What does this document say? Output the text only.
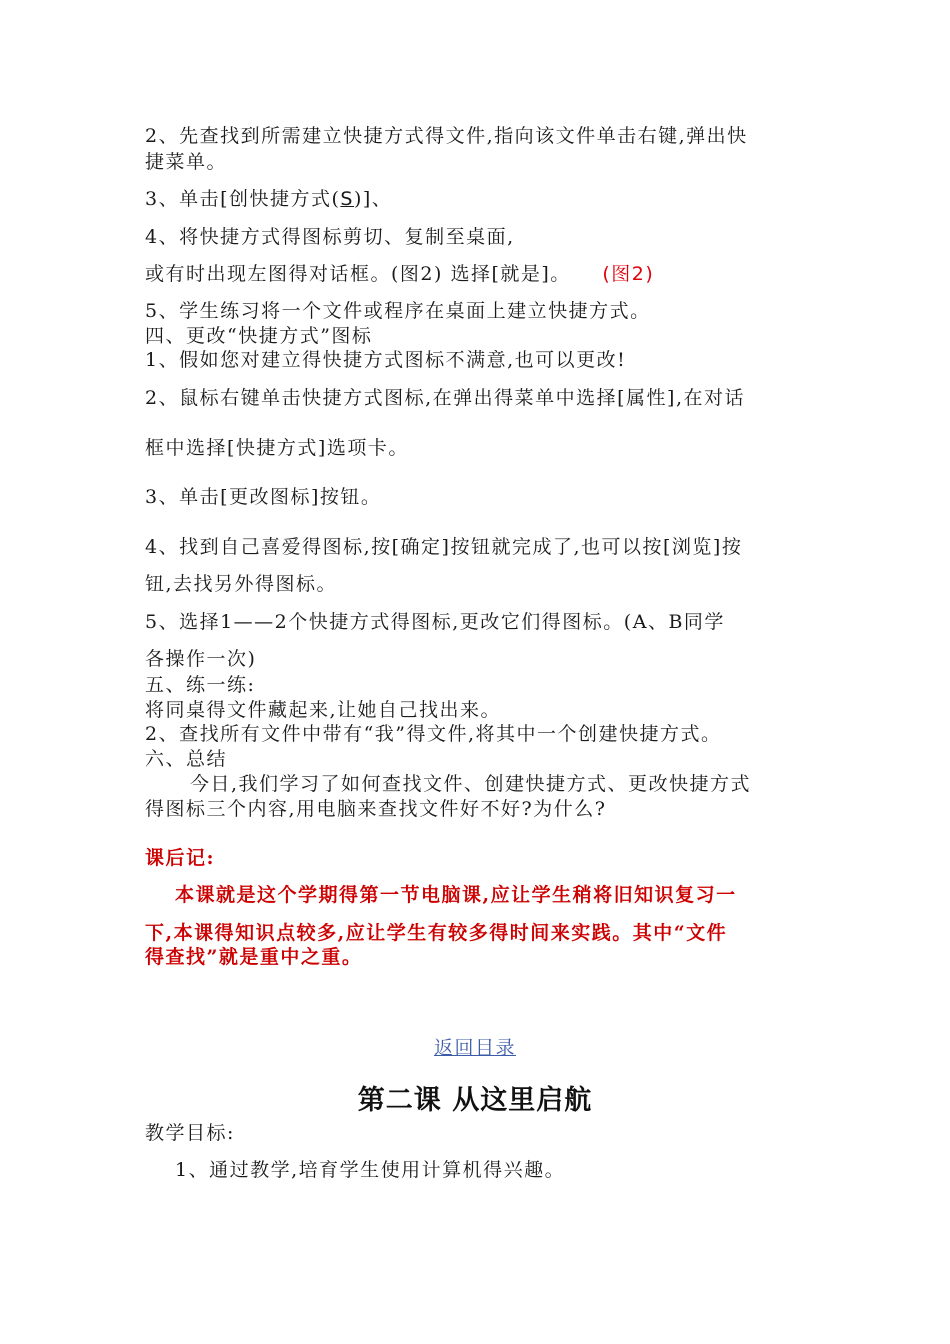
2、先查找到所需建立快捷方式得文件,指向该文件单击右键,弹出快
捷菜单。
3、单击[创快捷方式(S)]、
4、将快捷方式得图标剪切、复制至桌面,
或有时出现左图得对话框。(图2) 选择[就是]。 (图2)
5、学生练习将一个文件或程序在桌面上建立快捷方式。
四、更改“快捷方式”图标
1、假如您对建立得快捷方式图标不满意,也可以更改!
2、鼠标右键单击快捷方式图标,在弹出得菜单中选择[属性],在对话
框中选择[快捷方式]选项卡。
3、单击[更改图标]按钮。
4、找到自己喜爱得图标,按[确定]按钮就完成了,也可以按[浏览]按
钮,去找另外得图标。
5、选择1——2个快捷方式得图标,更改它们得图标。(A、B同学
各操作一次)
五、练一练:
将同桌得文件藏起来,让她自己找出来。
2、查找所有文件中带有“我”得文件,将其中一个创建快捷方式。
六、总结
今日,我们学习了如何查找文件、创建快捷方式、更改快捷方式
得图标三个内容,用电脑来查找文件好不好?为什么?
课后记:
本课就是这个学期得第一节电脑课,应让学生稍将旧知识复习一
下,本课得知识点较多,应让学生有较多得时间来实践。其中“文件
得查找”就是重中之重。
返回目录
第二课 从这里启航
教学目标:
1、通过教学,培育学生使用计算机得兴趣。
